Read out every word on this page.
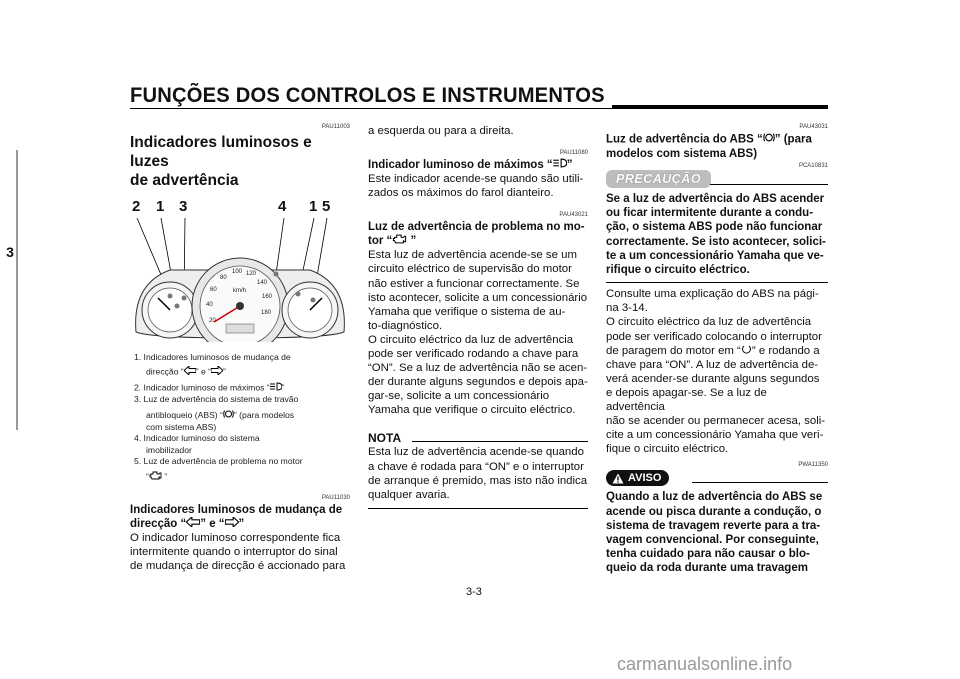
FUNÇÕES DOS CONTROLOS E INSTRUMENTOS
3
PAU11003
Indicadores luminosos e luzes
de advertência
2 1 3	4 1 5
20
40
60
80
100 120
140
160
180
km/h
1. Indicadores luminosos de mudança de
direcção “ ” e “ ”
2. Indicador luminoso de máximos “ ”
3. Luz de advertência do sistema de travão
antibloqueio (ABS) “ ” (para modelos
com sistema ABS)
4. Indicador luminoso do sistema
imobilizador
5. Luz de advertência de problema no motor
“ ”
PAU11030
Indicadores luminosos de mudança de
direcção “ ” e “ ”
O indicador luminoso correspondente fica
intermitente quando o interruptor do sinal
de mudança de direcção é accionado para
a esquerda ou para a direita.
PAU11080
Indicador luminoso de máximos “ ”
Este indicador acende-se quando são utili-
zados os máximos do farol dianteiro.
PAU43021
Luz de advertência de problema no mo-
tor “ ”
Esta luz de advertência acende-se se um
circuito eléctrico de supervisão do motor
não estiver a funcionar correctamente. Se
isto acontecer, solicite a um concessionário
Yamaha que verifique o sistema de au-
to-diagnóstico.
O circuito eléctrico da luz de advertência
pode ser verificado rodando a chave para
“ON”. Se a luz de advertência não se acen-
der durante alguns segundos e depois apa-
gar-se, solicite a um concessionário
Yamaha que verifique o circuito eléctrico.
NOTA
Esta luz de advertência acende-se quando
a chave é rodada para “ON” e o interruptor
de arranque é premido, mas isto não indica
qualquer avaria.
PAU43031
Luz de advertência do ABS “ ” (para
modelos com sistema ABS)
PCA10831
PRECAUÇÃO
Se a luz de advertência do ABS acender
ou ficar intermitente durante a condu-
ção, o sistema ABS pode não funcionar
correctamente. Se isto acontecer, solici-
te a um concessionário Yamaha que ve-
rifique o circuito eléctrico.
Consulte uma explicação do ABS na pági-
na 3-14.
O circuito eléctrico da luz de advertência
pode ser verificado colocando o interruptor
de paragem do motor em “ ” e rodando a
chave para “ON”. A luz de advertência de-
verá acender-se durante alguns segundos
e depois apagar-se. Se a luz de advertência
não se acender ou permanecer acesa, soli-
cite a um concessionário Yamaha que veri-
fique o circuito eléctrico.
PWA11350
AVISO
Quando a luz de advertência do ABS se
acende ou pisca durante a condução, o
sistema de travagem reverte para a tra-
vagem convencional. Por conseguinte,
tenha cuidado para não causar o blo-
queio da roda durante uma travagem
3-3
carmanualsonline.info
